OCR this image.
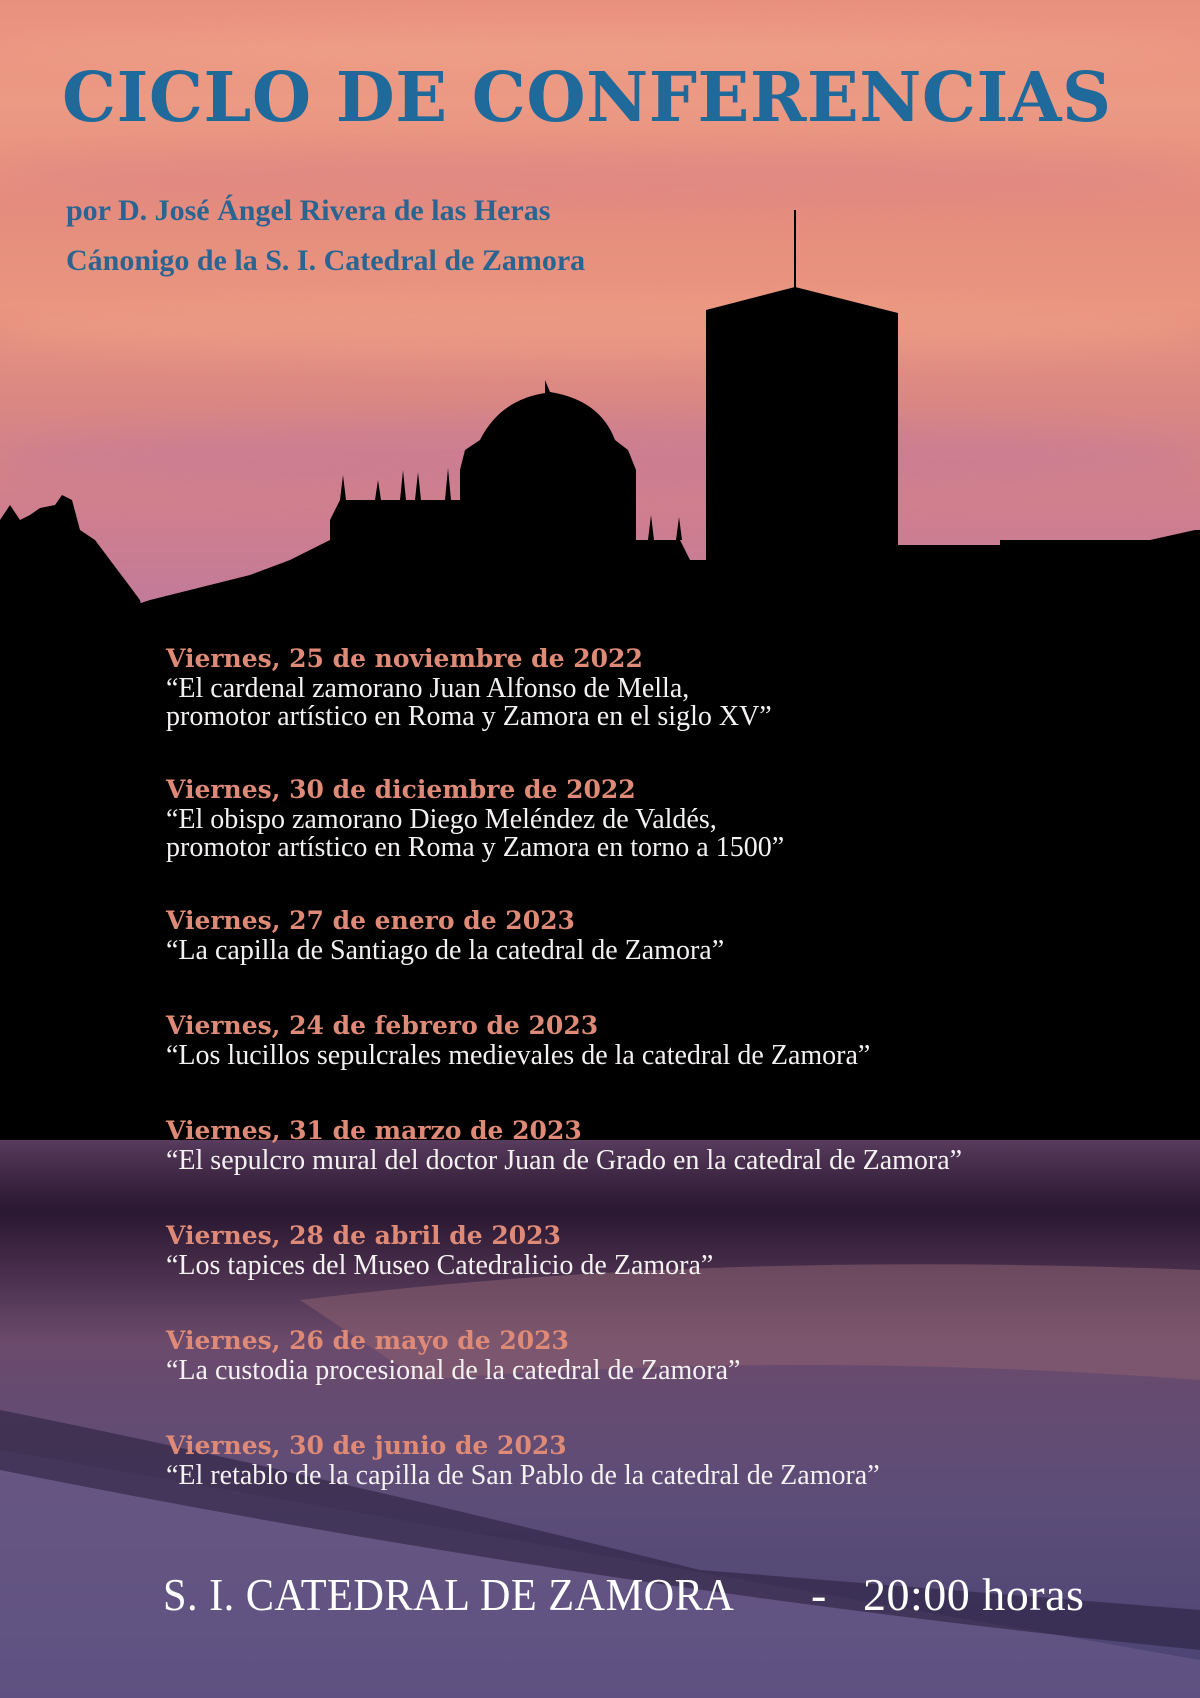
CICLO DE CONFERENCIAS

por D. José Ángel Rivera de las Heras

Cánonigo de la S. I. Catedral de Zamora

Viernes, 25 de noviembre de 2022
“El cardenal zamorano Juan Alfonso de Mella,
promotor artístico en Roma y Zamora en el siglo XV”
Viernes, 30 de diciembre de 2022
“El obispo zamorano Diego Meléndez de Valdés,
promotor artístico en Roma y Zamora en torno a 1500”
Viernes, 27 de enero de 2023
“La capilla de Santiago de la catedral de Zamora”
Viernes, 24 de febrero de 2023
“Los lucillos sepulcrales medievales de la catedral de Zamora”
Viernes, 31 de marzo de 2023
“El sepulcro mural del doctor Juan de Grado en la catedral de Zamora”
Viernes, 28 de abril de 2023
“Los tapices del Museo Catedralicio de Zamora”
Viernes, 26 de mayo de 2023
“La custodia procesional de la catedral de Zamora”
Viernes, 30 de junio de 2023
“El retablo de la capilla de San Pablo de la catedral de Zamora”
S. I. CATEDRAL DE ZAMORA - 20:00 horas
